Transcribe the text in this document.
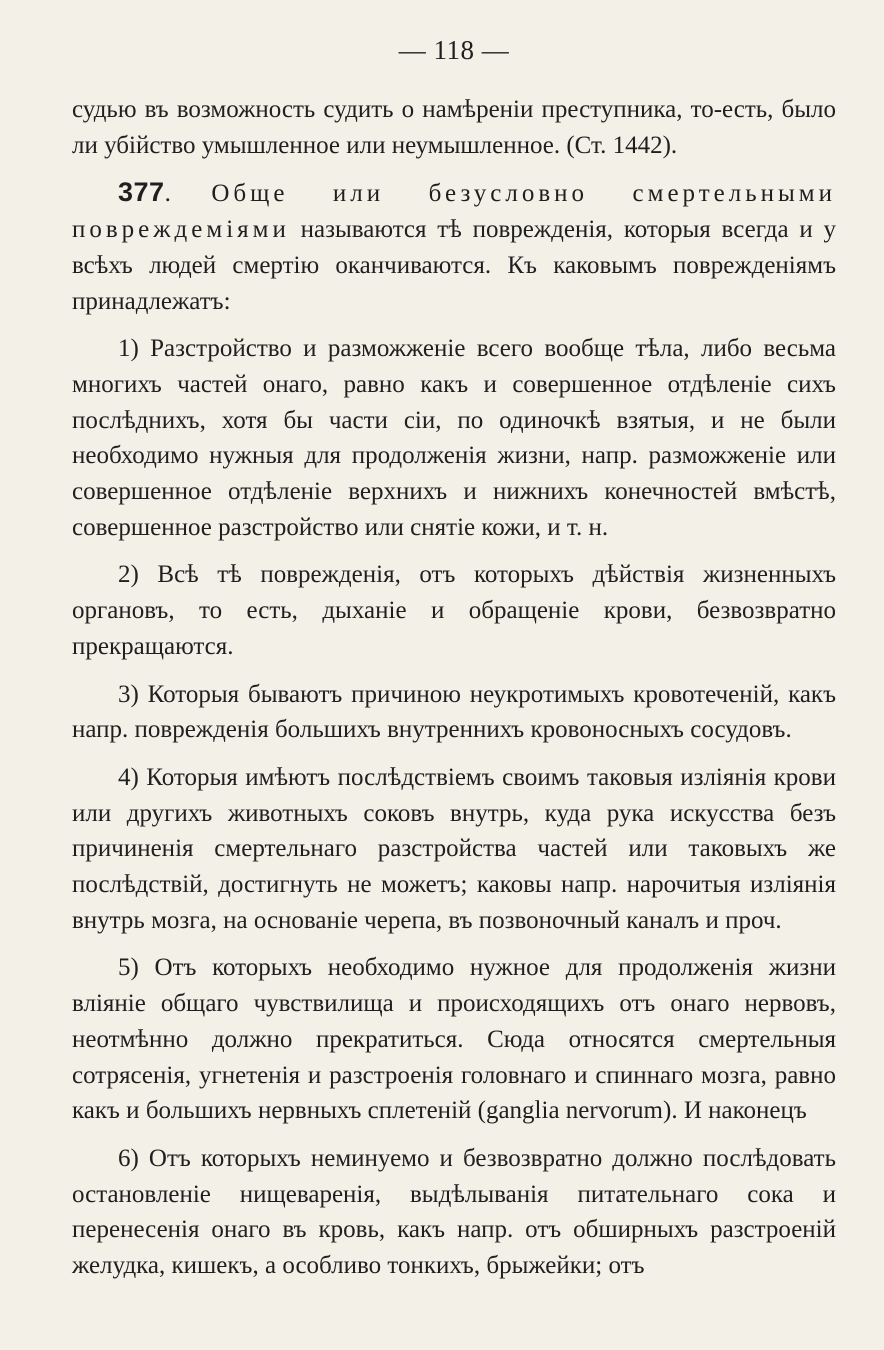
— 118 —

судью въ возможность судить о намѣреніи преступника, то-есть, было ли убійство умышленное или неумышленное. (Ст. 1442).

377. Обще или безусловно смертельными повреждеміями называются тѣ поврежденія, которыя всегда и у всѣхъ людей смертію оканчиваются. Къ каковымъ поврежденіямъ принадлежатъ:

1) Разстройство и разможженіе всего вообще тѣла, либо весьма многихъ частей онаго, равно какъ и совершенное отдѣленіе сихъ послѣднихъ, хотя бы части сіи, по одиночкѣ взятыя, и не были необходимо нужныя для продолженія жизни, напр. разможженіе или совершенное отдѣленіе верхнихъ и нижнихъ конечностей вмѣстѣ, совершенное разстройство или снятіе кожи, и т. н.

2) Всѣ тѣ поврежденія, отъ которыхъ дѣйствія жизненныхъ органовъ, то есть, дыханіе и обращеніе крови, безвозвратно прекращаются.

3) Которыя бываютъ причиною неукротимыхъ кровотеченій, какъ напр. поврежденія большихъ внутреннихъ кровоносныхъ сосудовъ.

4) Которыя имѣютъ послѣдствіемъ своимъ таковыя изліянія крови или другихъ животныхъ соковъ внутрь, куда рука искусства безъ причиненія смертельнаго разстройства частей или таковыхъ же послѣдствій, достигнуть не можетъ; каковы напр. нарочитыя изліянія внутрь мозга, на основаніе черепа, въ позвоночный каналъ и проч.

5) Отъ которыхъ необходимо нужное для продолженія жизни вліяніе общаго чувствилища и происходящихъ отъ онаго нервовъ, неотмѣнно должно прекратиться. Сюда относятся смертельныя сотрясенія, угнетенія и разстроенія головнаго и спиннаго мозга, равно какъ и большихъ нервныхъ сплетеній (gangliа nervorum). И наконецъ

6) Отъ которыхъ неминуемо и безвозвратно должно послѣдовать остановленіе нищеваренія, выдѣлыванія питательнаго сока и перенесенія онаго въ кровь, какъ напр. отъ обширныхъ разстроеній желудка, кишекъ, а особливо тонкихъ, брыжейки; отъ
